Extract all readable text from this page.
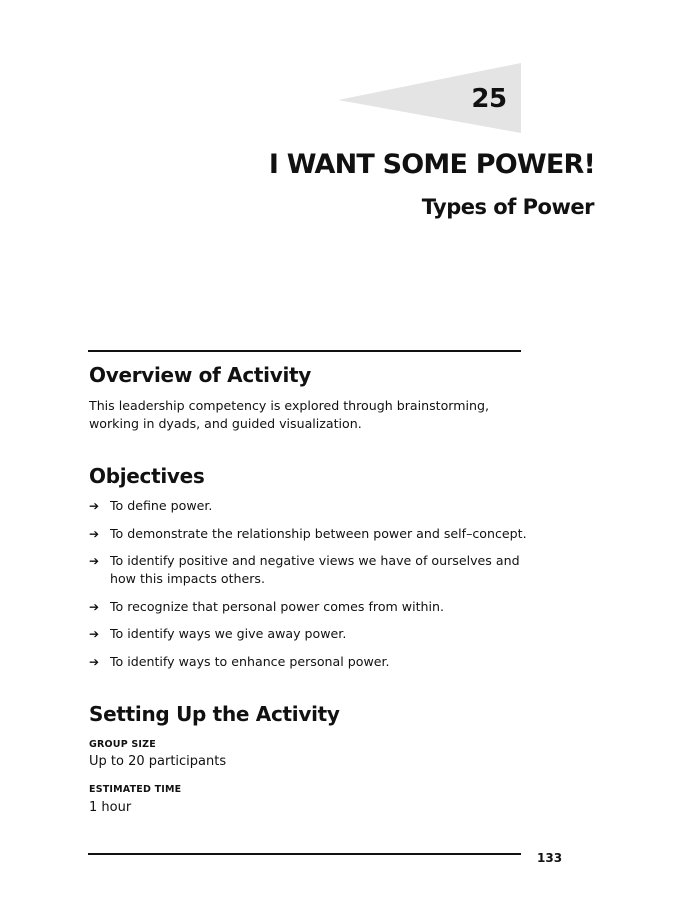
25
I WANT SOME POWER!
Types of Power
Overview of Activity

This leadership competency is explored through brainstorming, working in dyads, and guided visualization.

Objectives
➔ To define power.
➔ To demonstrate the relationship between power and self–concept.
➔ To identify positive and negative views we have of ourselves and how this impacts others.
➔ To recognize that personal power comes from within.
➔ To identify ways we give away power.
➔ To identify ways to enhance personal power.
Setting Up the Activity
GROUP SIZE
Up to 20 participants
ESTIMATED TIME
1 hour
133
